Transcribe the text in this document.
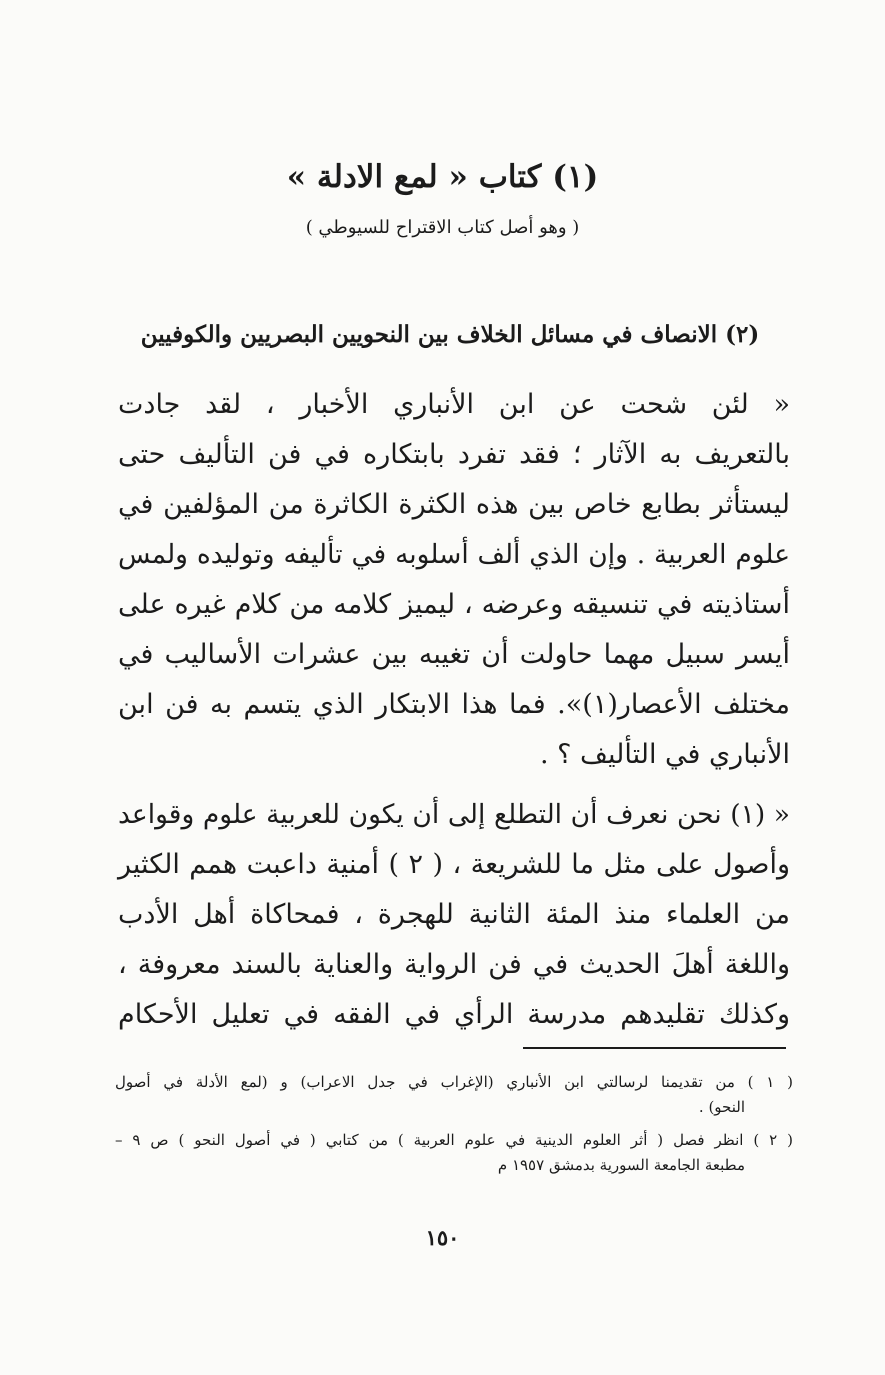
(١) كتاب « لمع الادلة »
( وهو أصل كتاب الاقتراح للسيوطي )
(٢) الانصاف في مسائل الخلاف بين النحويين البصريين والكوفيين
« لئن شحت عن ابن الأنباري الأخبار ، لقد جادت
بالتعريف به الآثار ؛ فقد تفرد بابتكاره في فن التأليف حتى
ليستأثر بطابع خاص بين هذه الكثرة الكاثرة من المؤلفين في
علوم العربية . وإن الذي ألف أسلوبه في تأليفه وتوليده ولمس
أستاذيته في تنسيقه وعرضه ، ليميز كلامه من كلام غيره على
أيسر سبيل مهما حاولت أن تغيبه بين عشرات الأساليب في
مختلف الأعصار(١)». فما هذا الابتكار الذي يتسم به فن ابن
الأنباري في التأليف ؟ .
« (١) نحن نعرف أن التطلع إلى أن يكون للعربية علوم وقواعد
وأصول على مثل ما للشريعة ، ( ٢ ) أمنية داعبت همم الكثير
من العلماء منذ المئة الثانية للهجرة ، فمحاكاة أهل الأدب
واللغة أهلَ الحديث في فن الرواية والعناية بالسند معروفة ،
وكذلك تقليدهم مدرسة الرأي في الفقه في تعليل الأحكام
( ١ ) من تقديمنا لرسالتي ابن الأنباري (الإغراب في جدل الاعراب) و (لمع الأدلة في أصول
النحو) .
( ٢ ) انظر فصل ( أثر العلوم الدينية في علوم العربية ) من كتابي ( في أصول النحو ) ص ٩ –
مطبعة الجامعة السورية بدمشق ١٩٥٧ م
١٥٠
